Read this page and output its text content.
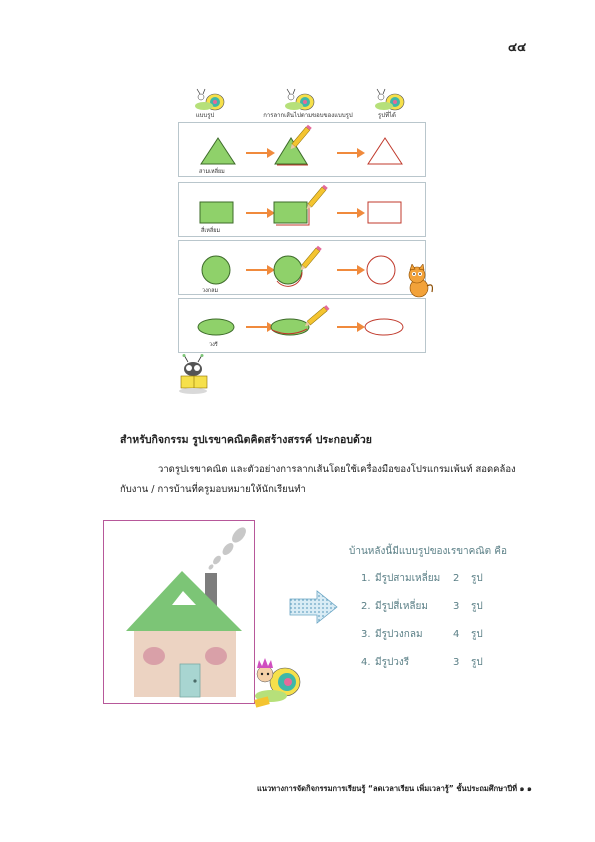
๔๔
แบบรูป	การลากเส้นไปตามขอบของแบบรูป	รูปที่ได้
สามเหลี่ยม
สี่เหลี่ยม
วงกลม
วงรี
สำหรับกิจกรรม รูปเรขาคณิตคิดสร้างสรรค์ ประกอบด้วย
วาดรูปเรขาคณิต และตัวอย่างการลากเส้นโดยใช้เครื่องมือของโปรแกรมเพ้นท์ สอดคล้อง
กับงาน / การบ้านที่ครูมอบหมายให้นักเรียนทำ
บ้านหลังนี้มีแบบรูปของเรขาคณิต คือ
1. มีรูปสามเหลี่ยม 2 รูป
2. มีรูปสี่เหลี่ยม 3 รูป
3. มีรูปวงกลม	4 รูป
4. มีรูปวงรี	3 รูป
แนวทางการจัดกิจกรรมการเรียนรู้ “ลดเวลาเรียน เพิ่มเวลารู้” ชั้นประถมศึกษาปีที่ ๑ ๑
